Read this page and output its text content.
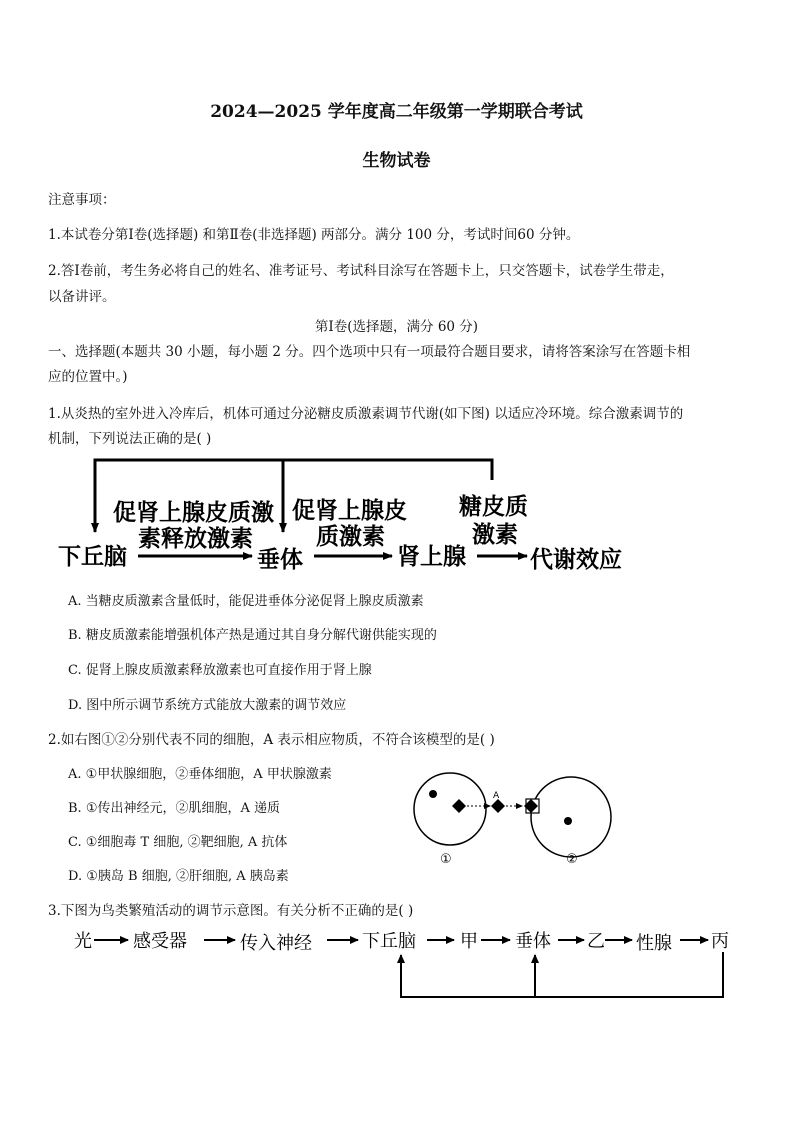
2024—2025 学年度高二年级第一学期联合考试
生物试卷
注意事项：
1.本试卷分第Ⅰ卷(选择题) 和第Ⅱ卷(非选择题) 两部分。满分 100 分，考试时间60 分钟。
2.答Ⅰ卷前，考生务必将自己的姓名、准考证号、考试科目涂写在答题卡上，只交答题卡，试卷学生带走，
以备讲评。
第Ⅰ卷(选择题，满分 60 分)
一、选择题(本题共 30 小题，每小题 2 分。四个选项中只有一项最符合题目要求，请将答案涂写在答题卡相
应的位置中。)
1.从炎热的室外进入冷库后，机体可通过分泌糖皮质激素调节代谢(如下图) 以适应冷环境。综合激素调节的
机制，下列说法正确的是( )
下丘脑	垂体	肾上腺	代谢效应
促肾上腺皮质激
素释放激素
促肾上腺皮
质激素
糖皮质
激素
A. 当糖皮质激素含量低时，能促进垂体分泌促肾上腺皮质激素
B. 糖皮质激素能增强机体产热是通过其自身分解代谢供能实现的
C. 促肾上腺皮质激素释放激素也可直接作用于肾上腺
D. 图中所示调节系统方式能放大激素的调节效应
2.如右图①②分别代表不同的细胞，A 表示相应物质，不符合该模型的是( )
A. ①甲状腺细胞，②垂体细胞，A 甲状腺激素
B. ①传出神经元，②肌细胞，A 递质
C. ①细胞毒 T 细胞, ②靶细胞, A 抗体
D. ①胰岛 B 细胞, ②肝细胞, A 胰岛素
A
①	②
3.下图为鸟类繁殖活动的调节示意图。有关分析不正确的是( )
光 感受器	传入神经	下丘脑 甲 垂体 乙 性腺 丙
